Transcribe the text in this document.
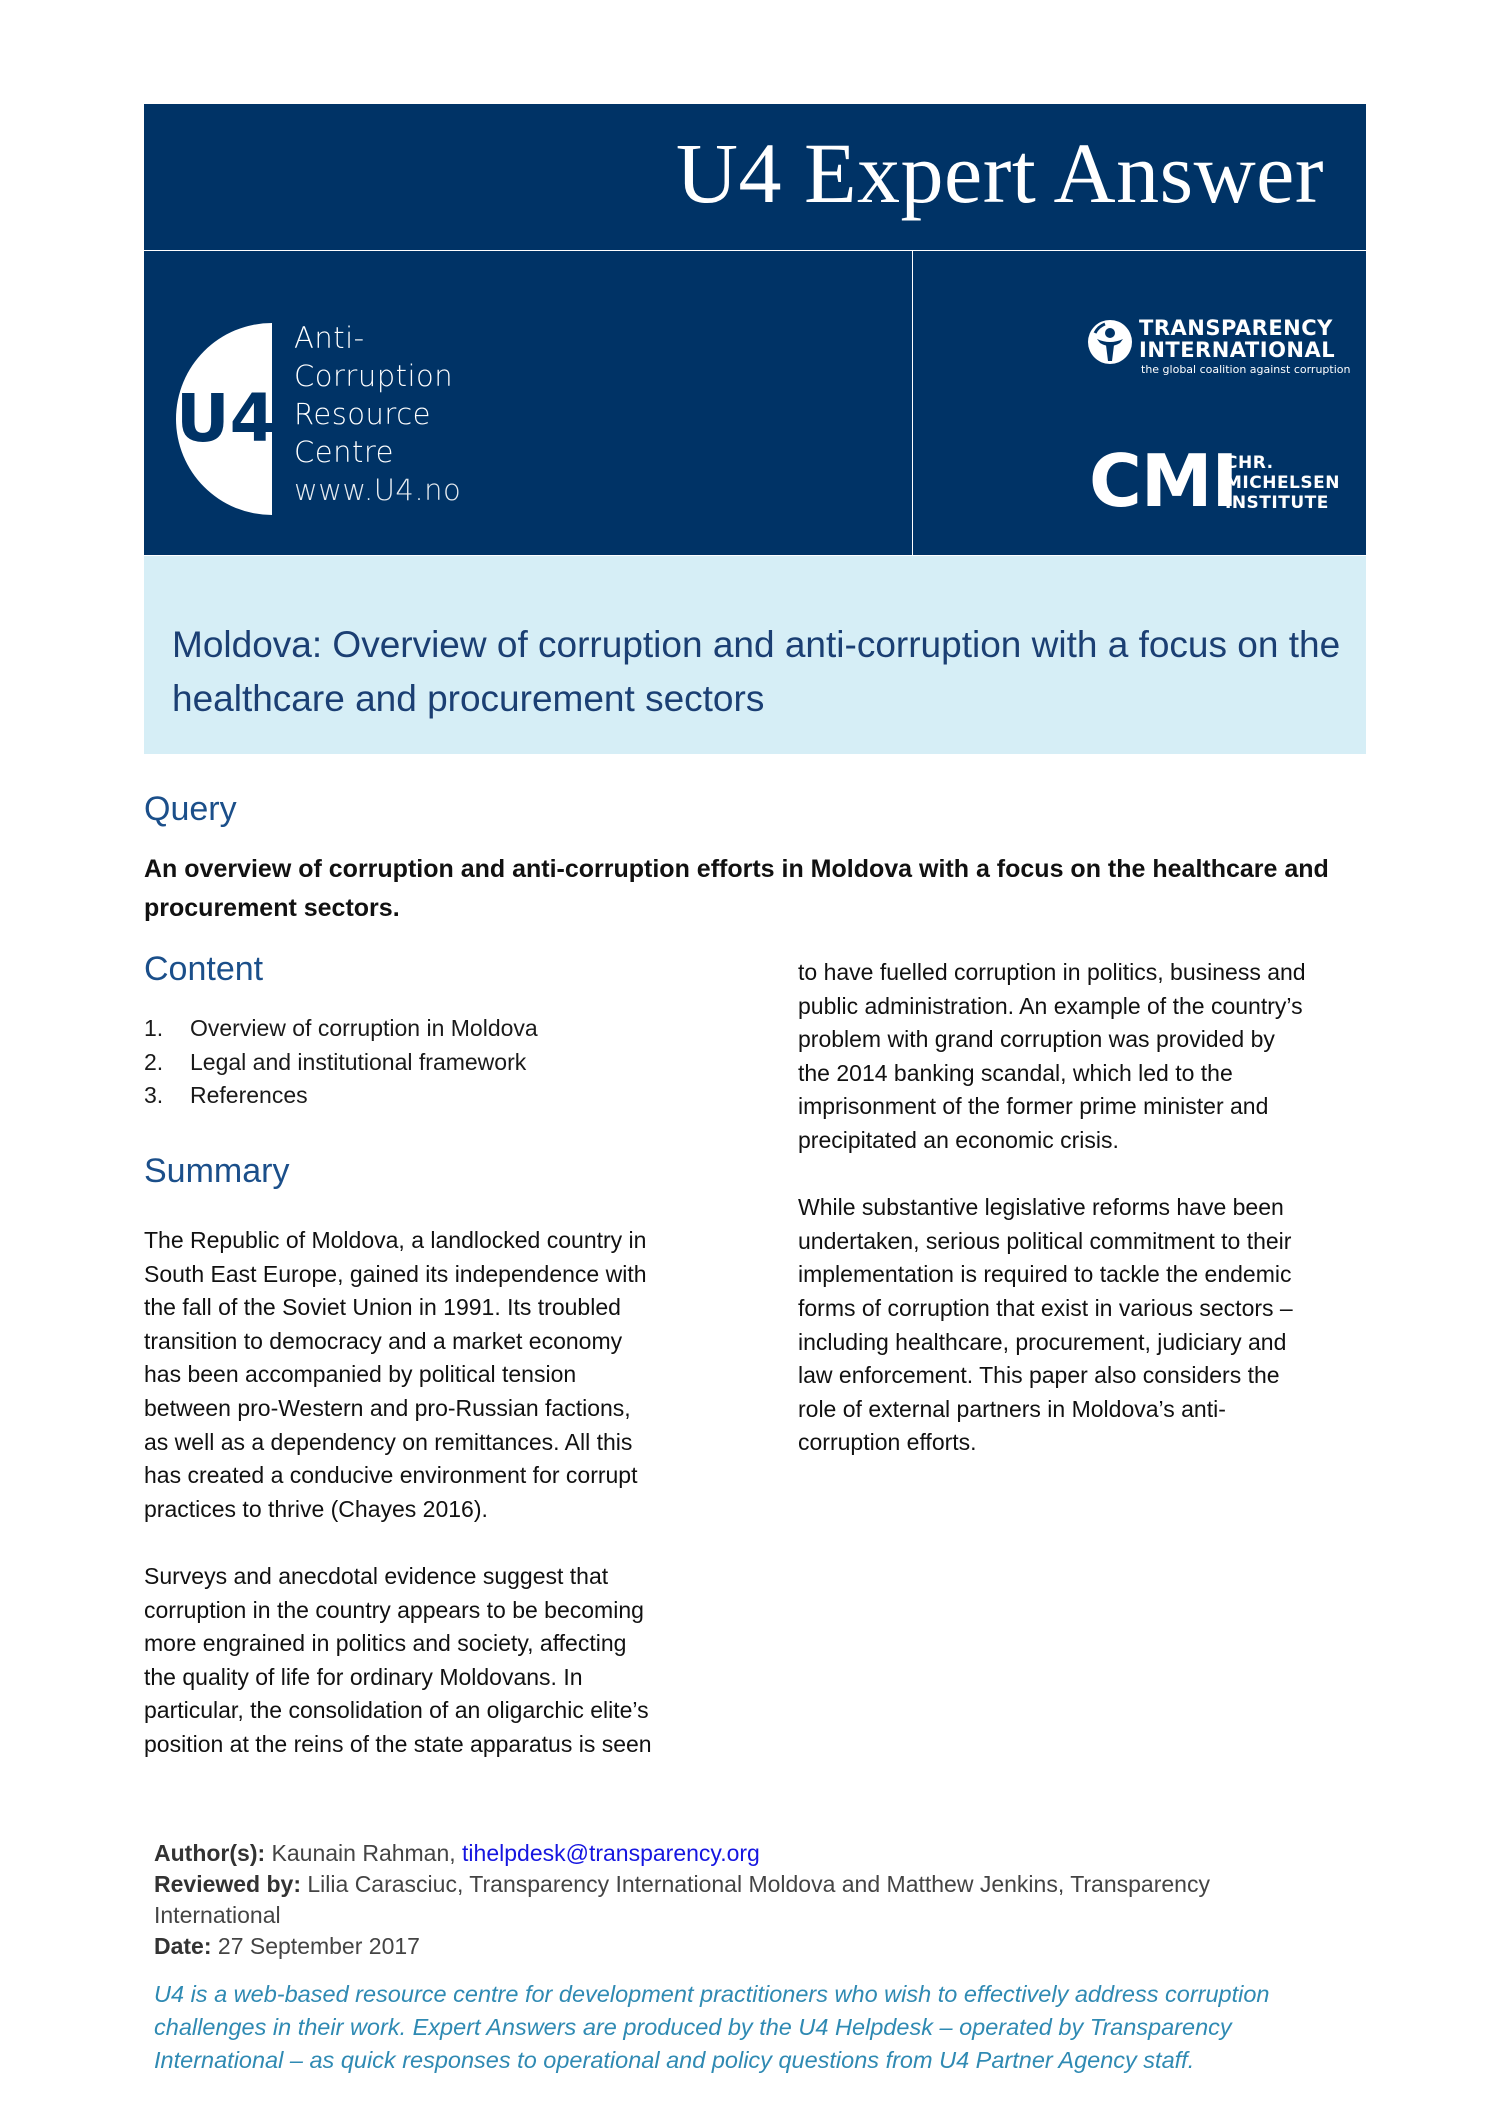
U4 Expert Answer
U4
Anti-
Corruption
Resource
Centre
www.U4.no
TRANSPARENCY
INTERNATIONAL
the global coalition against corruption
CMI
CHR.
MICHELSEN
INSTITUTE
Moldova: Overview of corruption and anti-corruption with a focus on the healthcare and procurement sectors
Query
An overview of corruption and anti-corruption efforts in Moldova with a focus on the healthcare and procurement sectors.
Content
1.	Overview of corruption in Moldova
2.	Legal and institutional framework
3.	References
Summary
The Republic of Moldova, a landlocked country in
South East Europe, gained its independence with
the fall of the Soviet Union in 1991. Its troubled
transition to democracy and a market economy
has been accompanied by political tension
between pro-Western and pro-Russian factions,
as well as a dependency on remittances. All this
has created a conducive environment for corrupt
practices to thrive (Chayes 2016).
Surveys and anecdotal evidence suggest that
corruption in the country appears to be becoming
more engrained in politics and society, affecting
the quality of life for ordinary Moldovans. In
particular, the consolidation of an oligarchic elite’s
position at the reins of the state apparatus is seen
to have fuelled corruption in politics, business and
public administration. An example of the country’s
problem with grand corruption was provided by
the 2014 banking scandal, which led to the
imprisonment of the former prime minister and
precipitated an economic crisis.
While substantive legislative reforms have been
undertaken, serious political commitment to their
implementation is required to tackle the endemic
forms of corruption that exist in various sectors –
including healthcare, procurement, judiciary and
law enforcement. This paper also considers the
role of external partners in Moldova’s anti-
corruption efforts.
Author(s): Kaunain Rahman, tihelpdesk@transparency.org
Reviewed by: Lilia Carasciuc, Transparency International Moldova and Matthew Jenkins, Transparency
International
Date: 27 September 2017
U4 is a web-based resource centre for development practitioners who wish to effectively address corruption
challenges in their work. Expert Answers are produced by the U4 Helpdesk – operated by Transparency
International – as quick responses to operational and policy questions from U4 Partner Agency staff.
